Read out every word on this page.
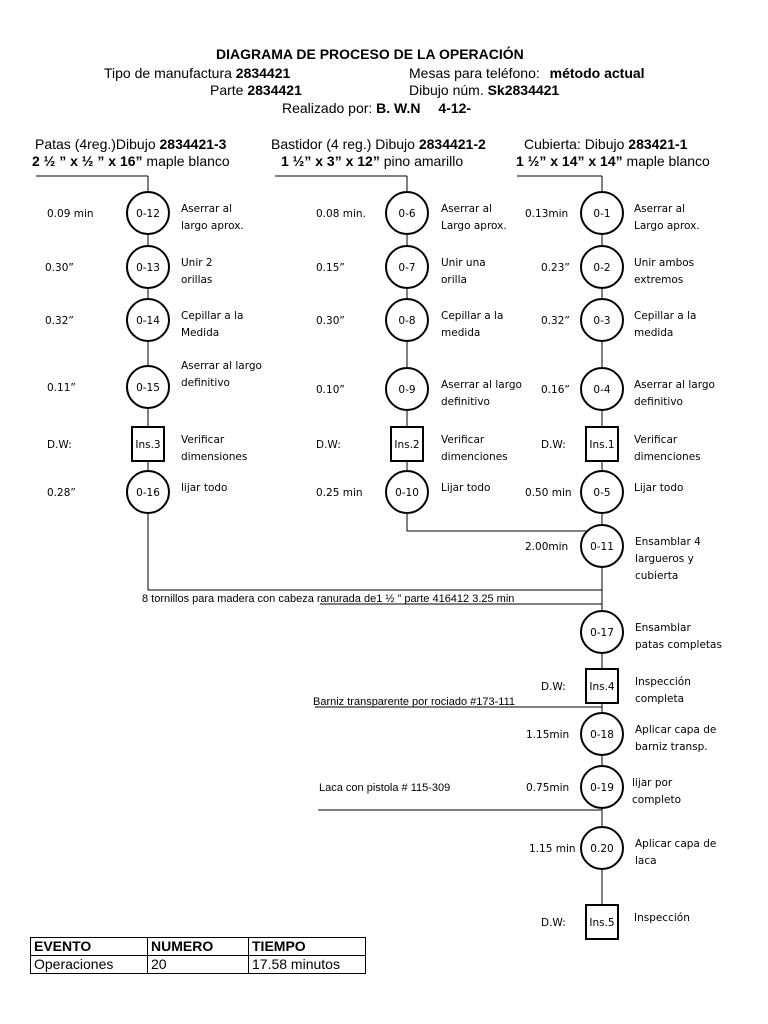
DIAGRAMA DE PROCESO DE LA OPERACIÓN
Tipo de manufactura 2834421	Mesas para teléfono: método actual
Parte 2834421	Dibujo núm. Sk2834421
Realizado por: B. W.N 4-12-
Patas (4reg.)Dibujo 2834421-3
2 ½ ” x ½ ” x 16” maple blanco
Bastidor (4 reg.) Dibujo 2834421-2
1 ½” x 3” x 12” pino amarillo
Cubierta: Dibujo 283421-1
1 ½” x 14” x 14” maple blanco
0-12
0.09 min	Aserrar al
largo aprox.
0-13
0.30”	Unir 2
orillas
0-14
0.32”	Cepillar a la
Medida
0-15
0.11”
Aserrar al largo
definitivo
Ins.3
D.W:	Verificar
dimensiones
0-16
0.28”	lijar todo
0-6
0.08 min.	Aserrar al
Largo aprox.
0-7
0.15”	Unir una
orilla
0-8
0.30”	Cepillar a la
medida
0-9
0.10”	Aserrar al largo
definitivo
Ins.2
D.W:	Verificar
dimenciones
0-10
0.25 min	Lijar todo
0-1
0.13min	Aserrar al
Largo aprox.
0-2
0.23”	Unir ambos
extremos
0-3
0.32”	Cepillar a la
medida
0-4
0.16”	Aserrar al largo
definitivo
Ins.1
D.W:	Verificar
dimenciones
0-5
0.50 min	Lijar todo
0-11
2.00min	Ensamblar 4
largueros y
cubierta
0-17 Ensamblar
patas completas
Ins.4
D.W:	Inspección
completa
0-18
1.15min	Aplicar capa de
barniz transp.
0-19
0.75min	lijar por
completo
0.20
1.15 min	Aplicar capa de
laca
Ins.5
D.W:	Inspección
8 tornillos para madera con cabeza ranurada de1 ½ ” parte 416412 3.25 min
Barniz transparente por rociado #173-111
Laca con pistola # 115-309
EVENTO	NUMERO	TIEMPO
Operaciones	20	17.58 minutos
